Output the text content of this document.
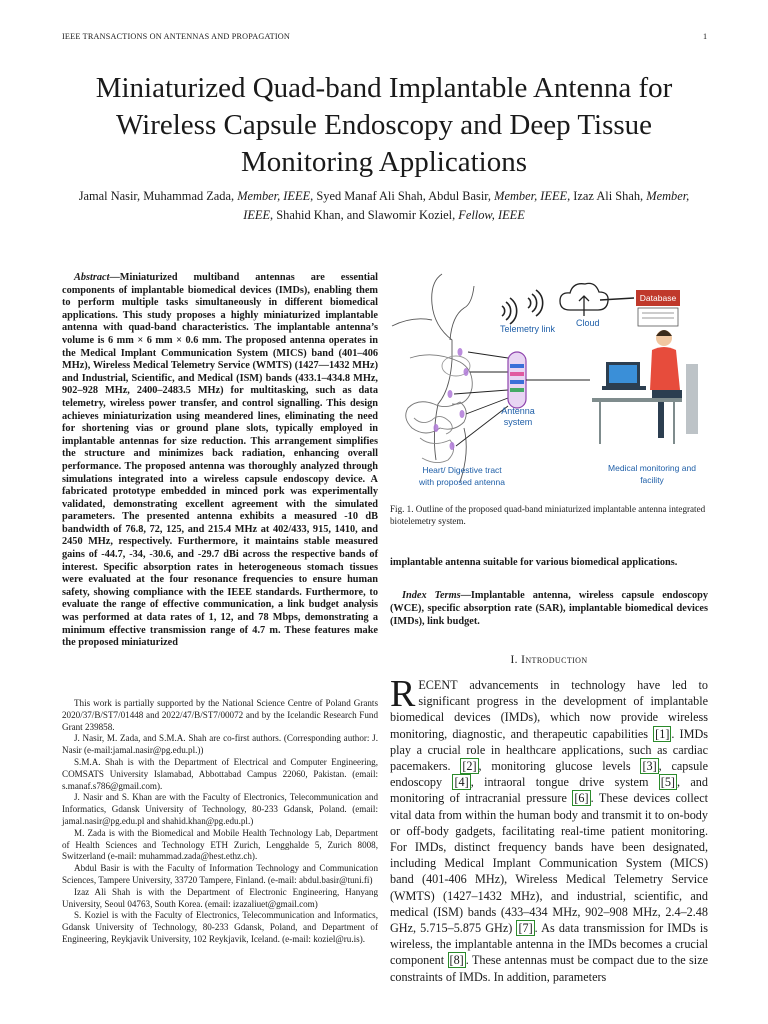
IEEE TRANSACTIONS ON ANTENNAS AND PROPAGATION	1
Miniaturized Quad-band Implantable Antenna for Wireless Capsule Endoscopy and Deep Tissue Monitoring Applications
Jamal Nasir, Muhammad Zada, Member, IEEE, Syed Manaf Ali Shah, Abdul Basir, Member, IEEE, Izaz Ali Shah, Member, IEEE, Shahid Khan, and Slawomir Koziel, Fellow, IEEE
Abstract—Miniaturized multiband antennas are essential components of implantable biomedical devices (IMDs), enabling them to perform multiple tasks simultaneously in different biomedical applications. This study proposes a highly miniaturized implantable antenna with quad-band characteristics. The implantable antenna’s volume is 6 mm × 6 mm × 0.6 mm. The proposed antenna operates in the Medical Implant Communication System (MICS) band (401–406 MHz), Wireless Medical Telemetry Service (WMTS) (1427—1432 MHz) and Industrial, Scientific, and Medical (ISM) bands (433.1–434.8 MHz, 902–928 MHz, 2400–2483.5 MHz) for multitasking, such as data telemetry, wireless power transfer, and control signalling. This design achieves miniaturization using meandered lines, eliminating the need for shortening vias or ground plane slots, typically employed in implantable antennas for size reduction. This arrangement simplifies the structure and minimizes back radiation, enhancing overall performance. The proposed antenna was thoroughly analyzed through simulations integrated into a wireless capsule endoscopy device. A fabricated prototype embedded in minced pork was experimentally validated, demonstrating excellent agreement with the simulated parameters. The presented antenna exhibits a measured -10 dB bandwidth of 76.8, 72, 125, and 215.4 MHz at 402/433, 915, 1410, and 2450 MHz, respectively. Furthermore, it maintains stable measured gains of -44.7, -34, -30.6, and -29.7 dBi across the respective bands of interest. Specific absorption rates in heterogeneous stomach tissues were evaluated at the four resonance frequencies to ensure human safety, showing compliance with the IEEE standards. Furthermore, to evaluate the range of effective communication, a link budget analysis was performed at data rates of 1, 12, and 78 Mbps, demonstrating a minimum effective transmission range of 4.7 m. These features make the proposed miniaturized

This work is partially supported by the National Science Centre of Poland Grants 2020/37/B/ST7/01448 and 2022/47/B/ST7/00072 and by the Icelandic Research Fund Grant 239858.

J. Nasir, M. Zada, and S.M.A. Shah are co-first authors. (Corresponding author: J. Nasir (e-mail:jamal.nasir@pg.edu.pl.))

S.M.A. Shah is with the Department of Electrical and Computer Engineering, COMSATS University Islamabad, Abbottabad Campus 22060, Pakistan. (email: s.manaf.s786@gmail.com).

J. Nasir and S. Khan are with the Faculty of Electronics, Telecommunication and Informatics, Gdansk University of Technology, 80-233 Gdansk, Poland. (email: jamal.nasir@pg.edu.pl and shahid.khan@pg.edu.pl.)

M. Zada is with the Biomedical and Mobile Health Technology Lab, Department of Health Sciences and Technology ETH Zurich, Lengghalde 5, Zurich 8008, Switzerland (e-mail: muhammad.zada@hest.ethz.ch).

Abdul Basir is with the Faculty of Information Technology and Communication Sciences, Tampere University, 33720 Tampere, Finland. (e-mail: abdul.basir@tuni.fi)

Izaz Ali Shah is with the Department of Electronic Engineering, Hanyang University, Seoul 04763, South Korea. (email: izazaliuet@gmail.com)

S. Koziel is with the Faculty of Electronics, Telecommunication and Informatics, Gdansk University of Technology, 80-233 Gdansk, Poland, and Department of Engineering, Reykjavik University, 102 Reykjavik, Iceland. (e-mail: koziel@ru.is).

Telemetry link
Antenna
system
Cloud
Database
Heart/ Digestive tract
with proposed antenna
Medical monitoring and
facility
Fig. 1. Outline of the proposed quad-band miniaturized implantable antenna integrated biotelemetry system.
implantable antenna suitable for various biomedical applications.
Index Terms—Implantable antenna, wireless capsule endoscopy (WCE), specific absorption rate (SAR), implantable biomedical devices (IMDs), link budget.
I. Introduction
RECENT advancements in technology have led to significant progress in the development of implantable biomedical devices (IMDs), which now provide wireless monitoring, diagnostic, and therapeutic capabilities [1] . IMDs play a crucial role in healthcare applications, such as cardiac pacemakers. [2] , monitoring glucose levels [3] , capsule endoscopy [4] , intraoral tongue drive system [5] , and monitoring of intracranial pressure [6] . These devices collect vital data from within the human body and transmit it to on-body or off-body gadgets, facilitating real-time patient monitoring. For IMDs, distinct frequency bands have been designated, including Medical Implant Communication System (MICS) band (401-406 MHz), Wireless Medical Telemetry Service (WMTS) (1427–1432 MHz), and industrial, scientific, and medical (ISM) bands (433–434 MHz, 902–908 MHz, 2.4–2.48 GHz, 5.715–5.875 GHz) [7] . As data transmission for IMDs is wireless, the implantable antenna in the IMDs becomes a crucial component [8] . These antennas must be compact due to the size constraints of IMDs. In addition, parameters
